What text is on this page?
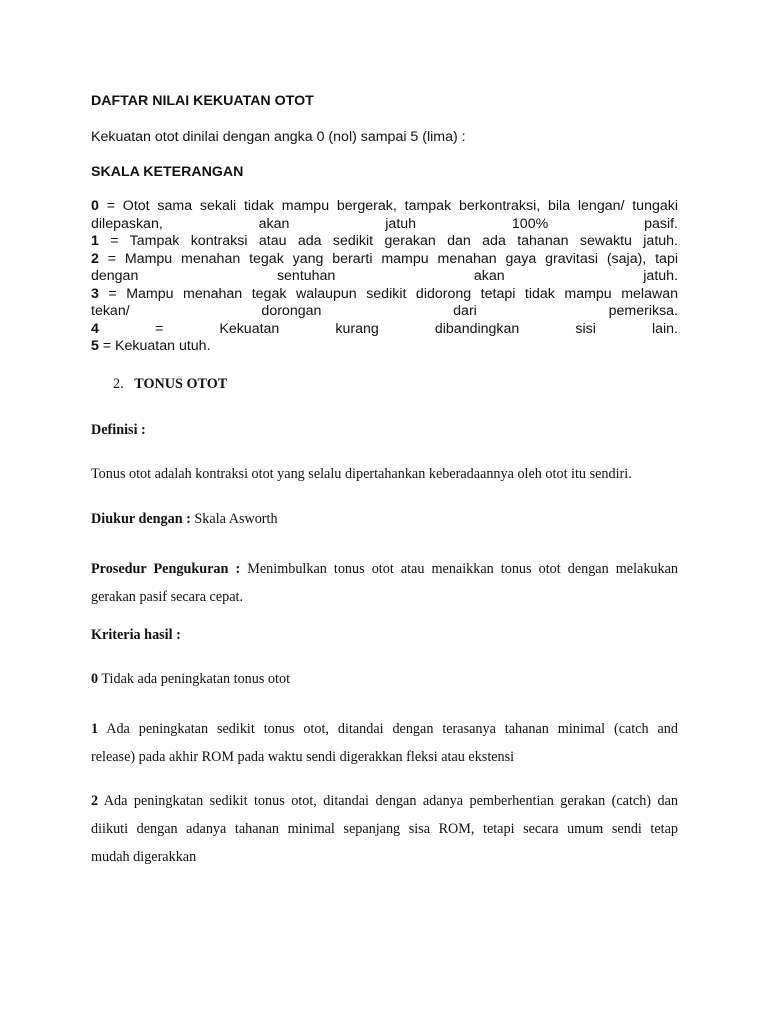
DAFTAR NILAI KEKUATAN OTOT

Kekuatan otot dinilai dengan angka 0 (nol) sampai 5 (lima) :

SKALA KETERANGAN

0 = Otot sama sekali tidak mampu bergerak, tampak berkontraksi, bila lengan/ tungaki
dilepaskan, akan jatuh 100% pasif.
1 = Tampak kontraksi atau ada sedikit gerakan dan ada tahanan sewaktu jatuh.
2 = Mampu menahan tegak yang berarti mampu menahan gaya gravitasi (saja), tapi
dengan sentuhan akan jatuh.
3 = Mampu menahan tegak walaupun sedikit didorong tetapi tidak mampu melawan
tekan/ dorongan dari pemeriksa.
4 = Kekuatan kurang dibandingkan sisi lain.
5 = Kekuatan utuh.

2. TONUS OTOT

Definisi :

Tonus otot adalah kontraksi otot yang selalu dipertahankan keberadaannya oleh otot itu sendiri.

Diukur dengan : Skala Asworth

Prosedur Pengukuran : Menimbulkan tonus otot atau menaikkan tonus otot dengan melakukan
gerakan pasif secara cepat.

Kriteria hasil :

0 Tidak ada peningkatan tonus otot

1 Ada peningkatan sedikit tonus otot, ditandai dengan terasanya tahanan minimal (catch and
release) pada akhir ROM pada waktu sendi digerakkan fleksi atau ekstensi
2 Ada peningkatan sedikit tonus otot, ditandai dengan adanya pemberhentian gerakan (catch) dan
diikuti dengan adanya tahanan minimal sepanjang sisa ROM, tetapi secara umum sendi tetap
mudah digerakkan
